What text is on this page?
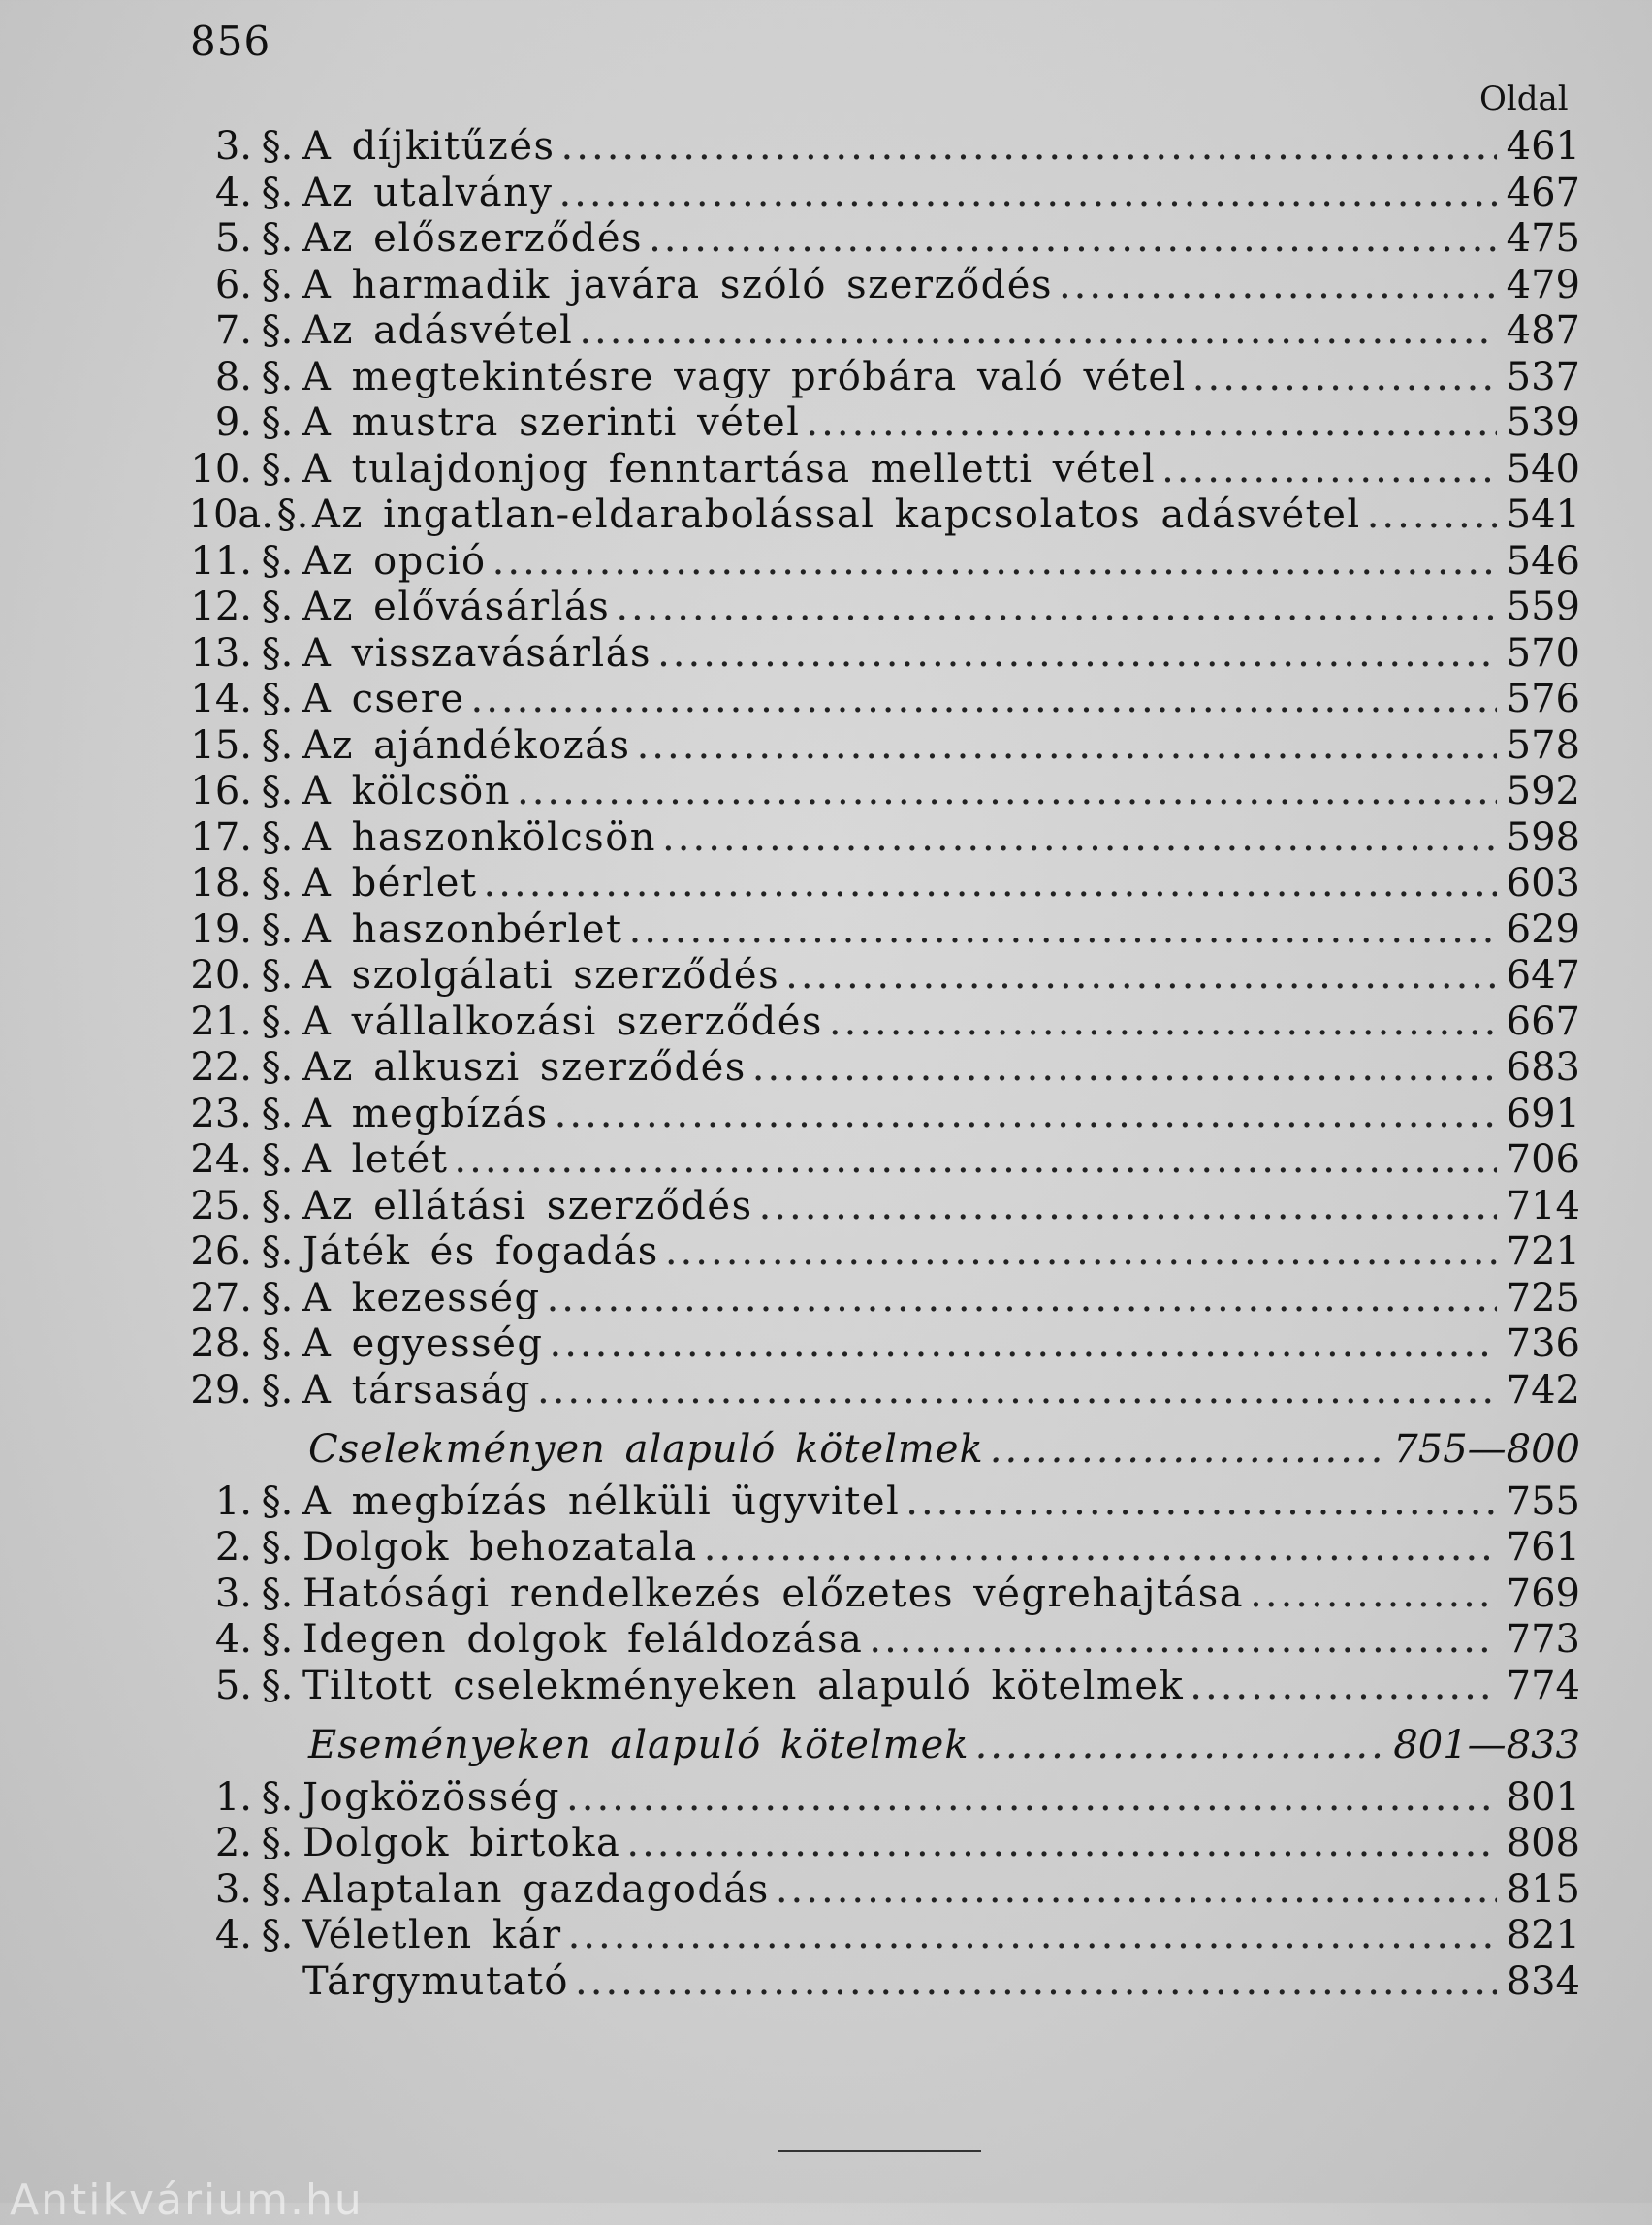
856
Oldal
3. §. A díjkitűzés .....	461
4. §. Az utalvány .....	467
5. §. Az előszerződés .....	475
6. §. A harmadik javára szóló szerződés .....	479
7. §. Az adásvétel .....	487
8. §. A megtekintésre vagy próbára való vétel .....	537
9. §. A mustra szerinti vétel .....	539
10. §. A tulajdonjog fenntartása melletti vétel .....	540
10a. §. Az ingatlan-eldarabolással kapcsolatos adásvétel .....	541
11. §. Az opció .....	546
12. §. Az elővásárlás .....	559
13. §. A visszavásárlás .....	570
14. §. A csere .....	576
15. §. Az ajándékozás .....	578
16. §. A kölcsön .....	592
17. §. A haszonkölcsön .....	598
18. §. A bérlet .....	603
19. §. A haszonbérlet .....	629
20. §. A szolgálati szerződés .....	647
21. §. A vállalkozási szerződés .....	667
22. §. Az alkuszi szerződés .....	683
23. §. A megbízás .....	691
24. §. A letét .....	706
25. §. Az ellátási szerződés .....	714
26. §. Játék és fogadás .....	721
27. §. A kezesség .....	725
28. §. A egyesség .....	736
29. §. A társaság .....	742
Cselekményen alapuló kötelmek .....	755—800
1. §. A megbízás nélküli ügyvitel .....	755
2. §. Dolgok behozatala .....	761
3. §. Hatósági rendelkezés előzetes végrehajtása .....	769
4. §. Idegen dolgok feláldozása .....	773
5. §. Tiltott cselekményeken alapuló kötelmek .....	774
Eseményeken alapuló kötelmek .....	801—833
1. §. Jogközösség .....	801
2. §. Dolgok birtoka .....	808
3. §. Alaptalan gazdagodás .....	815
4. §. Véletlen kár .....	821
Tárgymutató .....	834
Antikvárium.hu
